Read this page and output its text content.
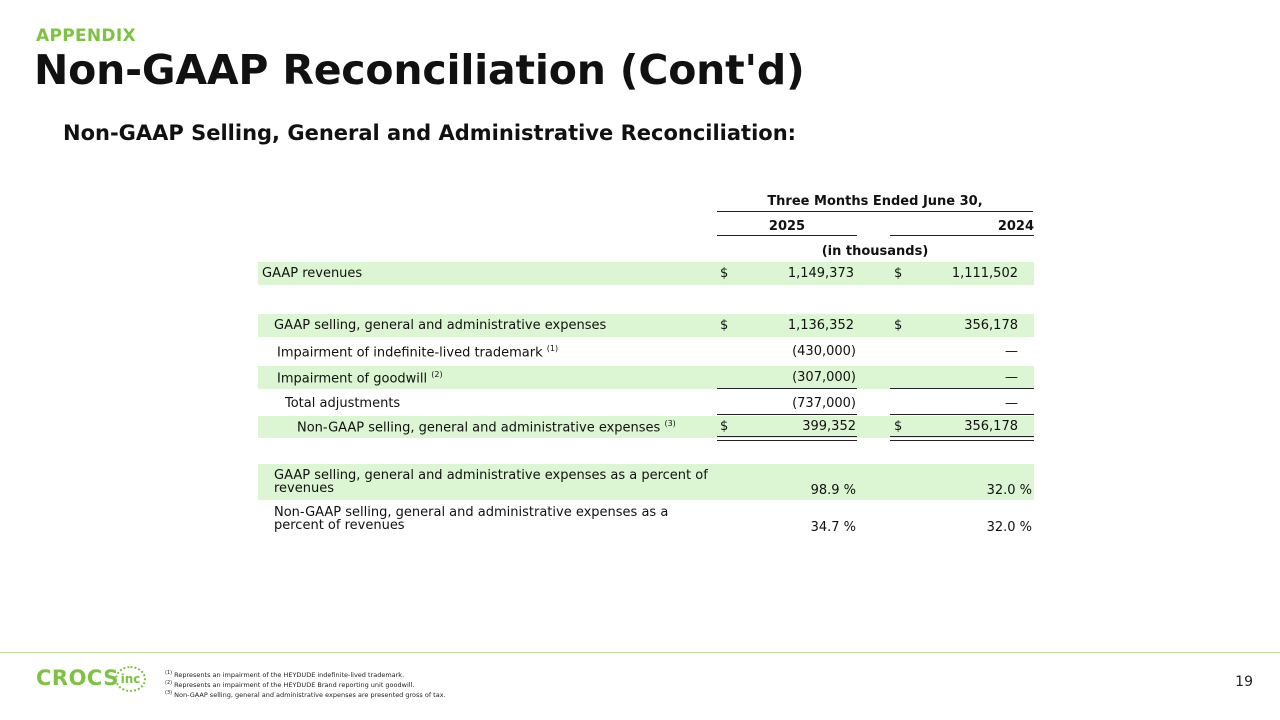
APPENDIX
Non-GAAP Reconciliation (Cont'd)
Non-GAAP Selling, General and Administrative Reconciliation:
Three Months Ended June 30,
2025	2024
(in thousands)
GAAP revenues	$	1,149,373	$	1,111,502
GAAP selling, general and administrative expenses	$	1,136,352	$	356,178
Impairment of indefinite-lived trademark $^{(1)}$	(430,000)	—
Impairment of goodwill $^{(2)}$	(307,000)	—
Total adjustments	(737,000)	—
Non-GAAP selling, general and administrative expenses $^{(3)}$	$	399,352	$	356,178
GAAP selling, general and administrative expenses as a percent of
revenues	98.9 %	32.0 %
Non-GAAP selling, general and administrative expenses as a
percent of revenues	34.7 %	32.0 %
CROCS inc	$^{(1)}$ Represents an impairment of the HEYDUDE indefinite-lived trademark.
$^{(2)}$ Represents an impairment of the HEYDUDE Brand reporting unit goodwill.
$^{(3)}$ Non-GAAP selling, general and administrative expenses are presented gross of tax.
19
